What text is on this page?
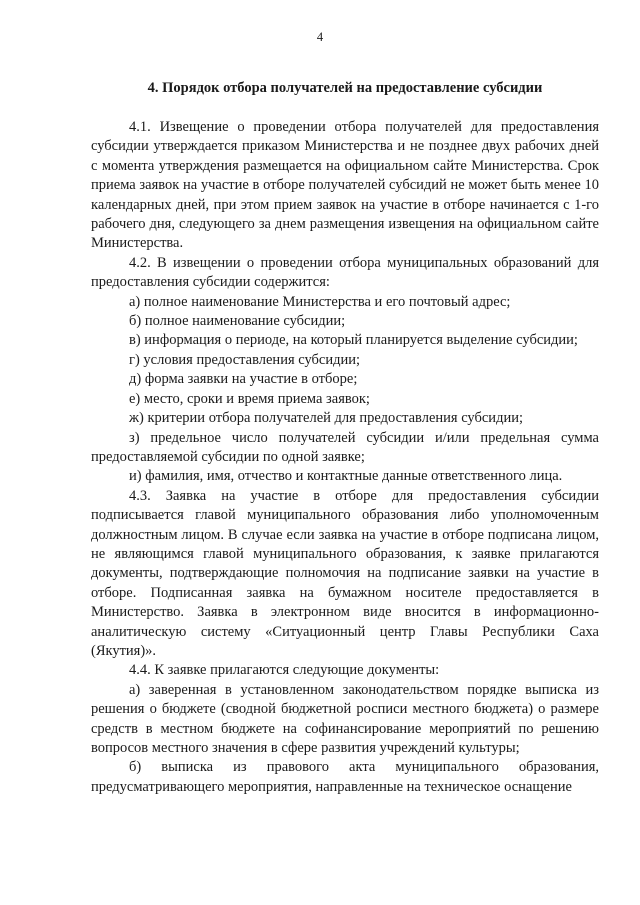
4
4. Порядок отбора получателей на предоставление субсидии

4.1. Извещение о проведении отбора получателей для предоставления субсидии утверждается приказом Министерства и не позднее двух рабочих дней с момента утверждения размещается на официальном сайте Министерства. Срок приема заявок на участие в отборе получателей субсидий не может быть менее 10 календарных дней, при этом прием заявок на участие в отборе начинается с 1-го рабочего дня, следующего за днем размещения извещения на официальном сайте Министерства.

4.2. В извещении о проведении отбора муниципальных образований для предоставления субсидии содержится:

а) полное наименование Министерства и его почтовый адрес;

б) полное наименование субсидии;

в) информация о периоде, на который планируется выделение субсидии;

г) условия предоставления субсидии;

д) форма заявки на участие в отборе;

е) место, сроки и время приема заявок;

ж) критерии отбора получателей для предоставления субсидии;

з) предельное число получателей субсидии и/или предельная сумма предоставляемой субсидии по одной заявке;

и) фамилия, имя, отчество и контактные данные ответственного лица.

4.3. Заявка на участие в отборе для предоставления субсидии подписывается главой муниципального образования либо уполномоченным должностным лицом. В случае если заявка на участие в отборе подписана лицом, не являющимся главой муниципального образования, к заявке прилагаются документы, подтверждающие полномочия на подписание заявки на участие в отборе. Подписанная заявка на бумажном носителе предоставляется в Министерство. Заявка в электронном виде вносится в информационно-аналитическую систему «Ситуационный центр Главы Республики Саха (Якутия)».

4.4. К заявке прилагаются следующие документы:

а) заверенная в установленном законодательством порядке выписка из решения о бюджете (сводной бюджетной росписи местного бюджета) о размере средств в местном бюджете на софинансирование мероприятий по решению вопросов местного значения в сфере развития учреждений культуры;

б) выписка из правового акта муниципального образования, предусматривающего мероприятия, направленные на техническое оснащение
